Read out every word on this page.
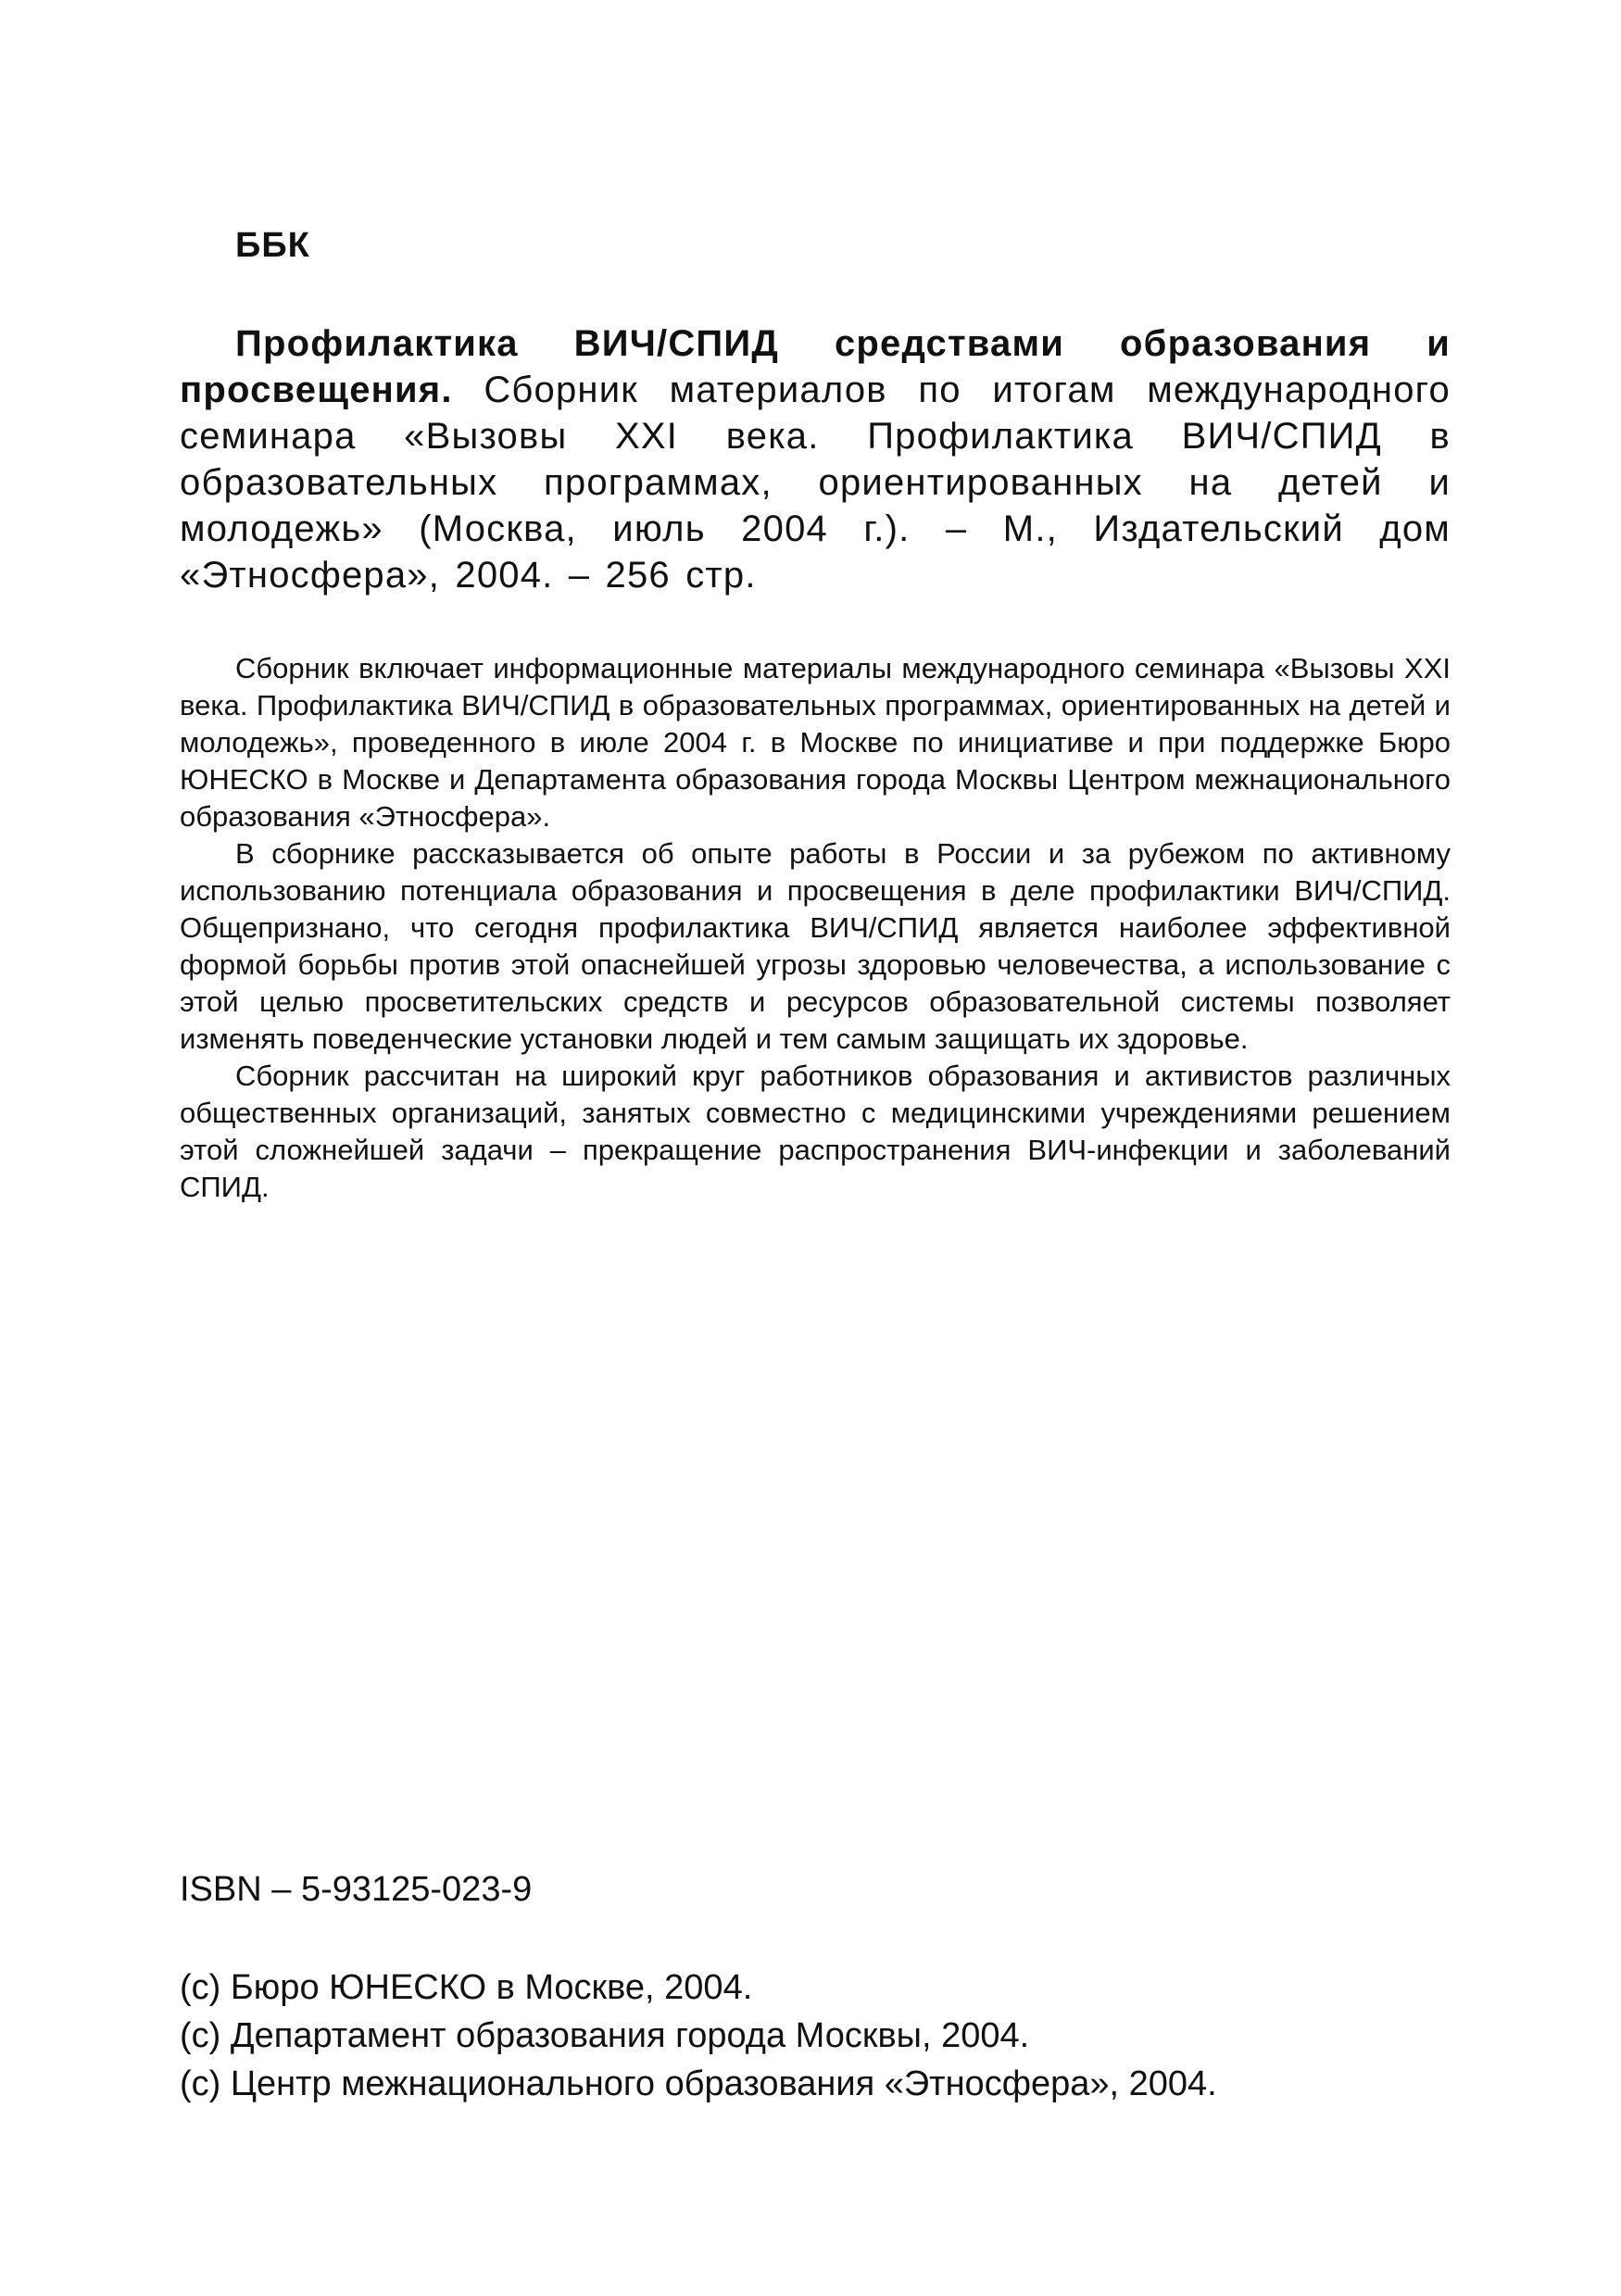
ББК
Профилактика ВИЧ/СПИД средствами образования и просвещения. Сборник материалов по итогам международного семинара «Вызовы XXI века. Профилактика ВИЧ/СПИД в образовательных программах, ориентированных на детей и молодежь» (Москва, июль 2004 г.). – М., Издательский дом «Этносфера», 2004. – 256 стр.

Сборник включает информационные материалы международного семинара «Вызовы XXI века. Профилактика ВИЧ/СПИД в образовательных программах, ориентированных на детей и молодежь», проведенного в июле 2004 г. в Москве по инициативе и при поддержке Бюро ЮНЕСКО в Москве и Департамента образования города Москвы Центром межнационального образования «Этносфера».

В сборнике рассказывается об опыте работы в России и за рубежом по активному использованию потенциала образования и просвещения в деле профилактики ВИЧ/СПИД. Общепризнано, что сегодня профилактика ВИЧ/СПИД является наиболее эффективной формой борьбы против этой опаснейшей угрозы здоровью человечества, а использование с этой целью просветительских средств и ресурсов образовательной системы позволяет изменять поведенческие установки людей и тем самым защищать их здоровье.

Сборник рассчитан на широкий круг работников образования и активистов различных общественных организаций, занятых совместно с медицинскими учреждениями решением этой сложнейшей задачи – прекращение распространения ВИЧ-инфекции и заболеваний СПИД.

ISBN – 5-93125-023-9
(c) Бюро ЮНЕСКО в Москве, 2004.
(c) Департамент образования города Москвы, 2004.
(c) Центр межнационального образования «Этносфера», 2004.
